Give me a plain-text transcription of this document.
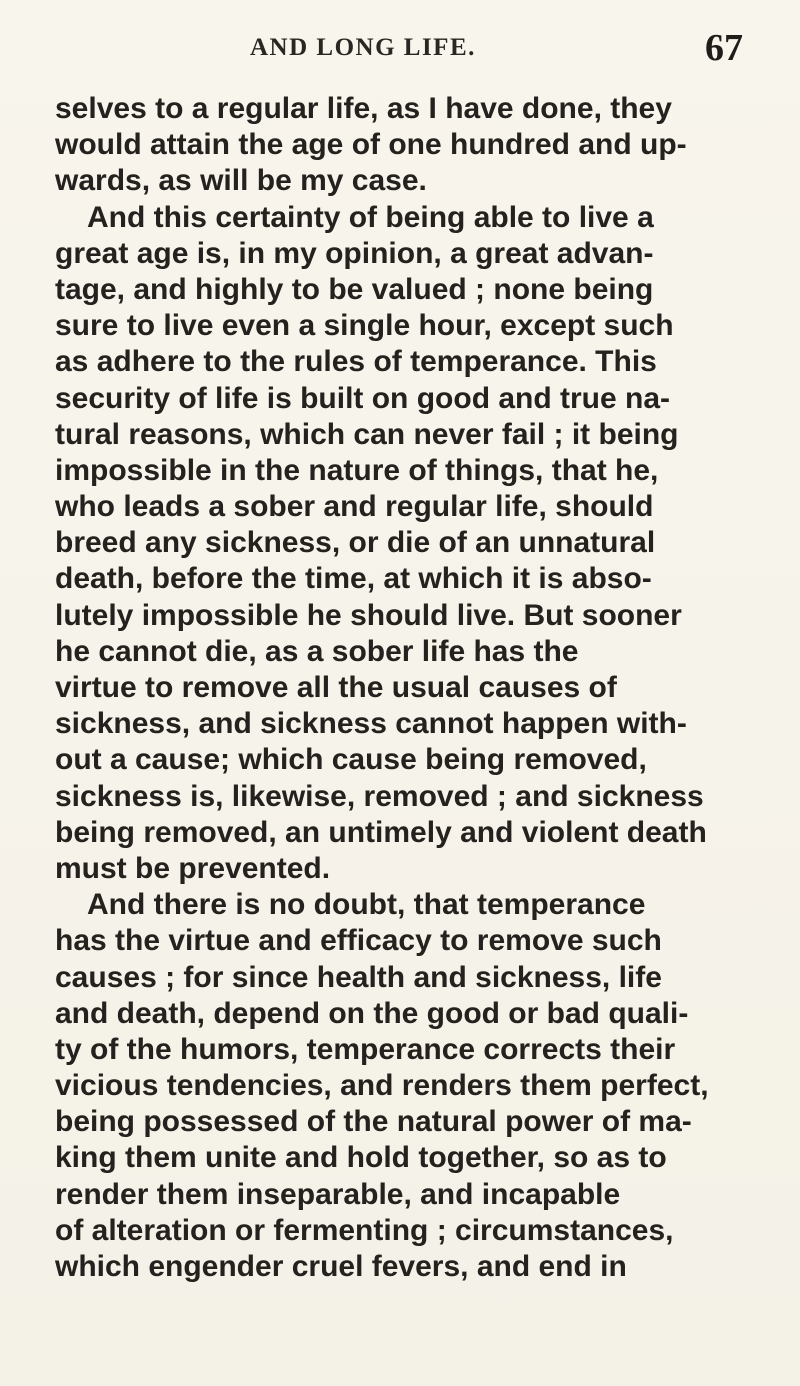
AND LONG LIFE.	67
selves to a regular life, as I have done, they
would attain the age of one hundred and up-
wards, as will be my case.
And this certainty of being able to live a
great age is, in my opinion, a great advan-
tage, and highly to be valued ; none being
sure to live even a single hour, except such
as adhere to the rules of temperance. This
security of life is built on good and true na-
tural reasons, which can never fail ; it being
impossible in the nature of things, that he,
who leads a sober and regular life, should
breed any sickness, or die of an unnatural
death, before the time, at which it is abso-
lutely impossible he should live. But sooner
he cannot die, as a sober life has the
virtue to remove all the usual causes of
sickness, and sickness cannot happen with-
out a cause; which cause being removed,
sickness is, likewise, removed ; and sickness
being removed, an untimely and violent death
must be prevented.
And there is no doubt, that temperance
has the virtue and efficacy to remove such
causes ; for since health and sickness, life
and death, depend on the good or bad quali-
ty of the humors, temperance corrects their
vicious tendencies, and renders them perfect,
being possessed of the natural power of ma-
king them unite and hold together, so as to
render them inseparable, and incapable
of alteration or fermenting ; circumstances,
which engender cruel fevers, and end in
